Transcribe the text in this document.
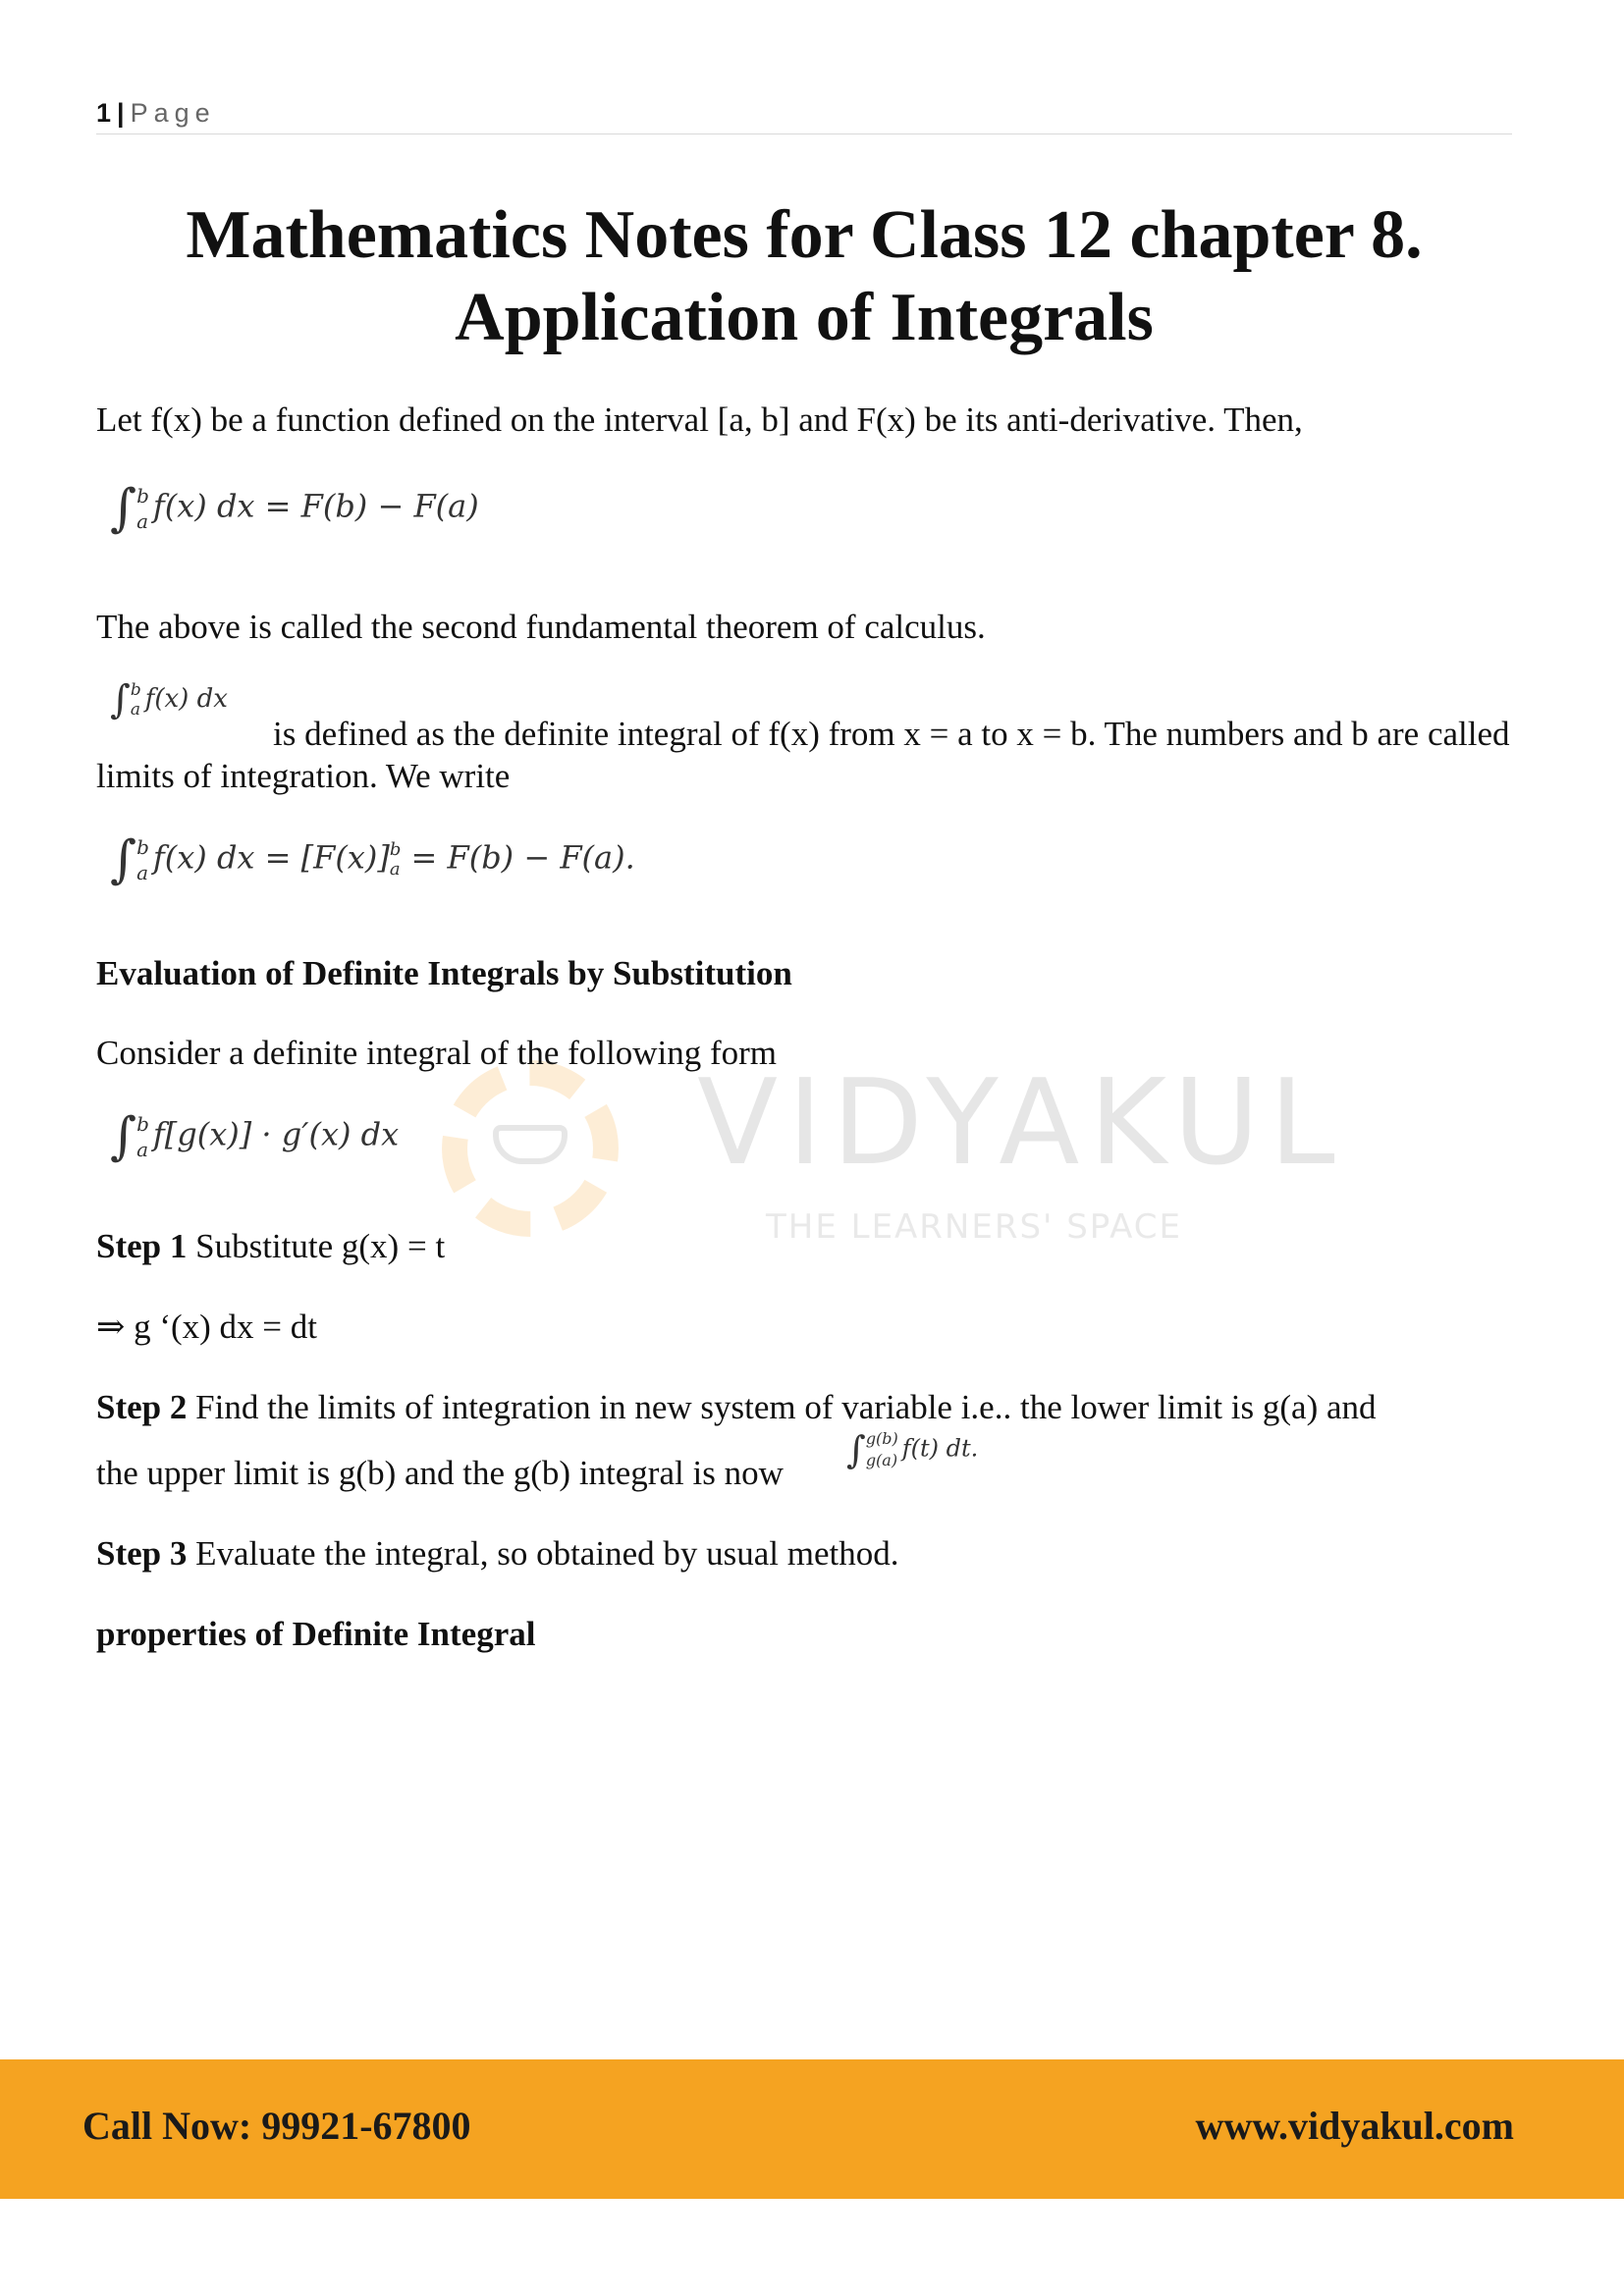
1 | Page
Mathematics Notes for Class 12 chapter 8.
Application of Integrals
VIDYAKUL
THE LEARNERS' SPACE

Let f(x) be a function defined on the interval [a, b] and F(x) be its anti-derivative. Then,

∫ b
a f(x) dx = F(b) − F(a)

The above is called the second fundamental theorem of calculus.

∫ b
a f(x) dx

is defined as the definite integral of f(x) from x = a to x = b. The numbers and b are called limits of integration. We write

∫ b
a f(x) dx = [F(x)] b
a = F(b) − F(a).

Evaluation of Definite Integrals by Substitution

Consider a definite integral of the following form

∫ b
a f[g(x)] · g′(x) dx

Step 1 Substitute g(x) = t

⇒ g ‘(x) dx = dt

Step 2 Find the limits of integration in new system of variable i.e.. the lower limit is g(a) and

the upper limit is g(b) and the g(b) integral is now

∫ g(b)
g(a) f(t) dt.

Step 3 Evaluate the integral, so obtained by usual method.

properties of Definite Integral

Call Now: 99921-67800	www.vidyakul.com
